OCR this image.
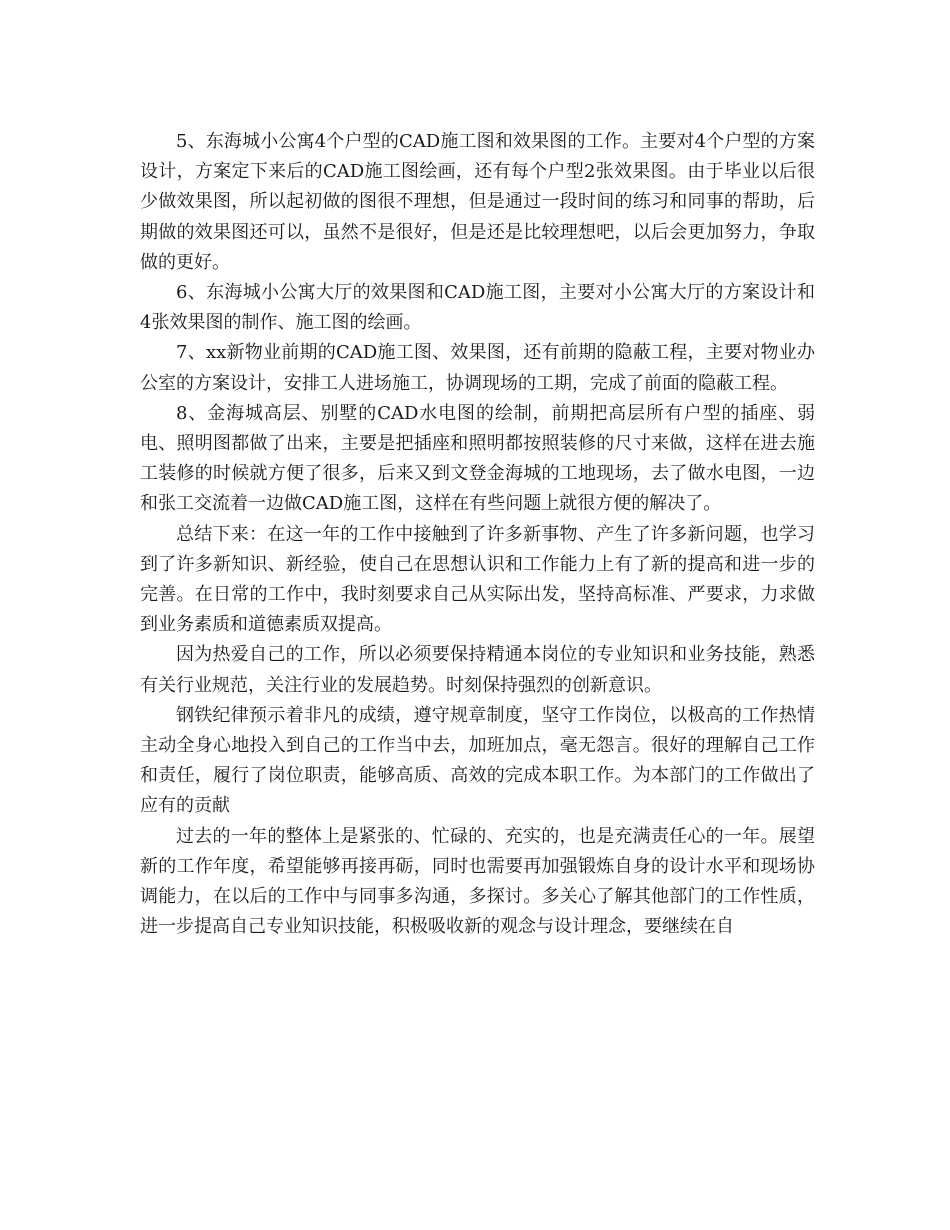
5、东海城小公寓4个户型的CAD施工图和效果图的工作。主要对4个户型的方案设计，方案定下来后的CAD施工图绘画，还有每个户型2张效果图。由于毕业以后很少做效果图，所以起初做的图很不理想，但是通过一段时间的练习和同事的帮助，后期做的效果图还可以，虽然不是很好，但是还是比较理想吧，以后会更加努力，争取做的更好。

6、东海城小公寓大厅的效果图和CAD施工图，主要对小公寓大厅的方案设计和4张效果图的制作、施工图的绘画。

7、xx新物业前期的CAD施工图、效果图，还有前期的隐蔽工程，主要对物业办公室的方案设计，安排工人进场施工，协调现场的工期，完成了前面的隐蔽工程。

8、金海城高层、别墅的CAD水电图的绘制，前期把高层所有户型的插座、弱电、照明图都做了出来，主要是把插座和照明都按照装修的尺寸来做，这样在进去施工装修的时候就方便了很多，后来又到文登金海城的工地现场，去了做水电图，一边和张工交流着一边做CAD施工图，这样在有些问题上就很方便的解决了。

总结下来：在这一年的工作中接触到了许多新事物、产生了许多新问题，也学习到了许多新知识、新经验，使自己在思想认识和工作能力上有了新的提高和进一步的完善。在日常的工作中，我时刻要求自己从实际出发，坚持高标准、严要求，力求做到业务素质和道德素质双提高。

因为热爱自己的工作，所以必须要保持精通本岗位的专业知识和业务技能，熟悉有关行业规范，关注行业的发展趋势。时刻保持强烈的创新意识。

钢铁纪律预示着非凡的成绩，遵守规章制度，坚守工作岗位，以极高的工作热情主动全身心地投入到自己的工作当中去，加班加点，毫无怨言。很好的理解自己工作和责任，履行了岗位职责，能够高质、高效的完成本职工作。为本部门的工作做出了应有的贡献

过去的一年的整体上是紧张的、忙碌的、充实的，也是充满责任心的一年。展望新的工作年度，希望能够再接再砺，同时也需要再加强锻炼自身的设计水平和现场协调能力，在以后的工作中与同事多沟通，多探讨。多关心了解其他部门的工作性质，进一步提高自己专业知识技能，积极吸收新的观念与设计理念，要继续在自
